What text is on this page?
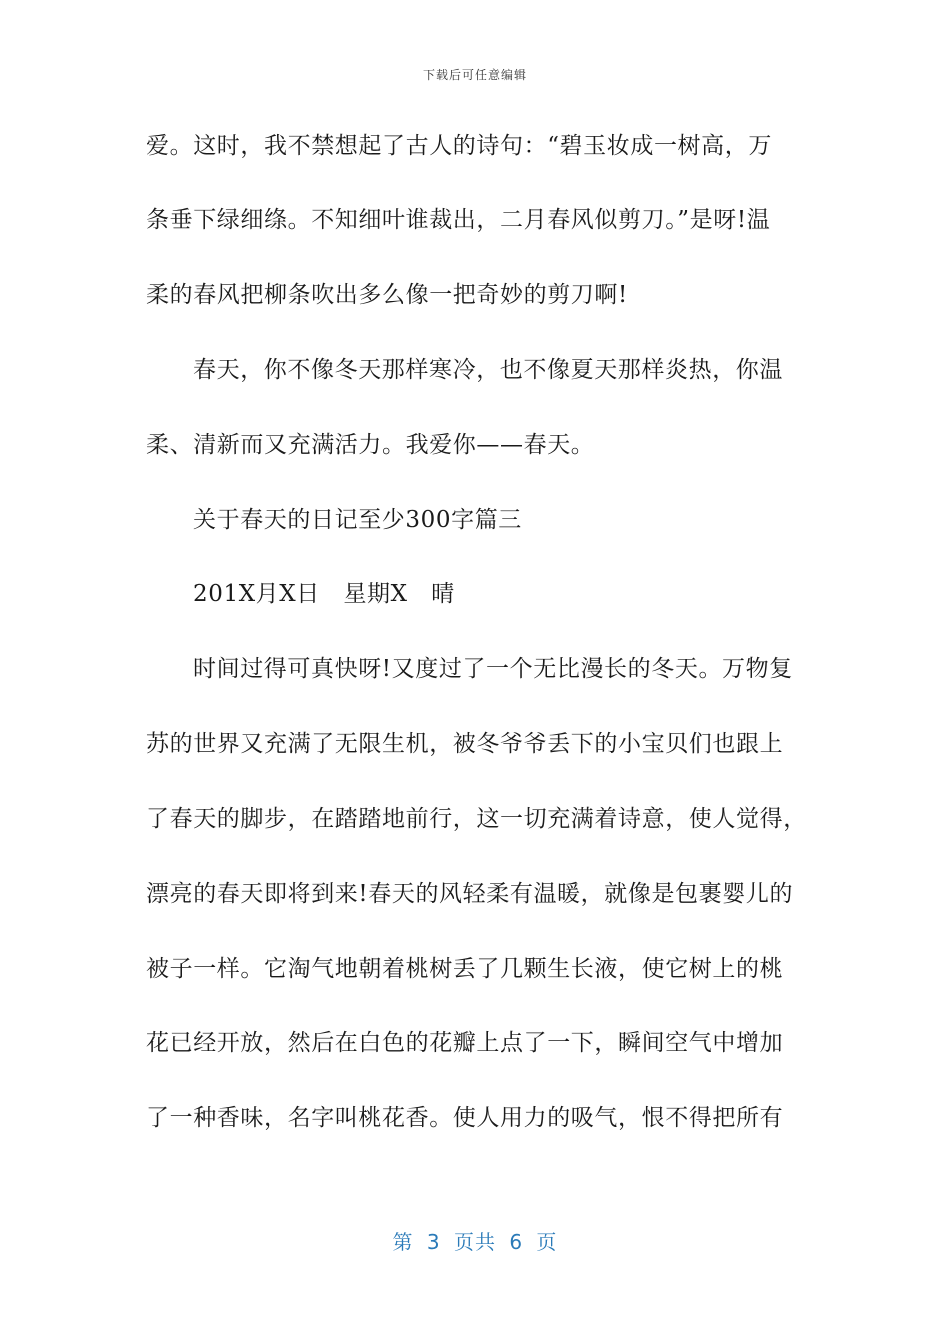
下载后可任意编辑
爱。这时，我不禁想起了古人的诗句：“碧玉妆成一树高，万
条垂下绿细绦。不知细叶谁裁出，二月春风似剪刀。”是呀!温
柔的春风把柳条吹出多么像一把奇妙的剪刀啊!
春天，你不像冬天那样寒冷，也不像夏天那样炎热，你温
柔、清新而又充满活力。我爱你——春天。
关于春天的日记至少300字篇三
201X月X日　星期X　晴
时间过得可真快呀!又度过了一个无比漫长的冬天。万物复
苏的世界又充满了无限生机，被冬爷爷丢下的小宝贝们也跟上
了春天的脚步，在踏踏地前行，这一切充满着诗意，使人觉得，
漂亮的春天即将到来!春天的风轻柔有温暖，就像是包裹婴儿的
被子一样。它淘气地朝着桃树丢了几颗生长液，使它树上的桃
花已经开放，然后在白色的花瓣上点了一下，瞬间空气中增加
了一种香味，名字叫桃花香。使人用力的吸气，恨不得把所有
第 3 页共 6 页
